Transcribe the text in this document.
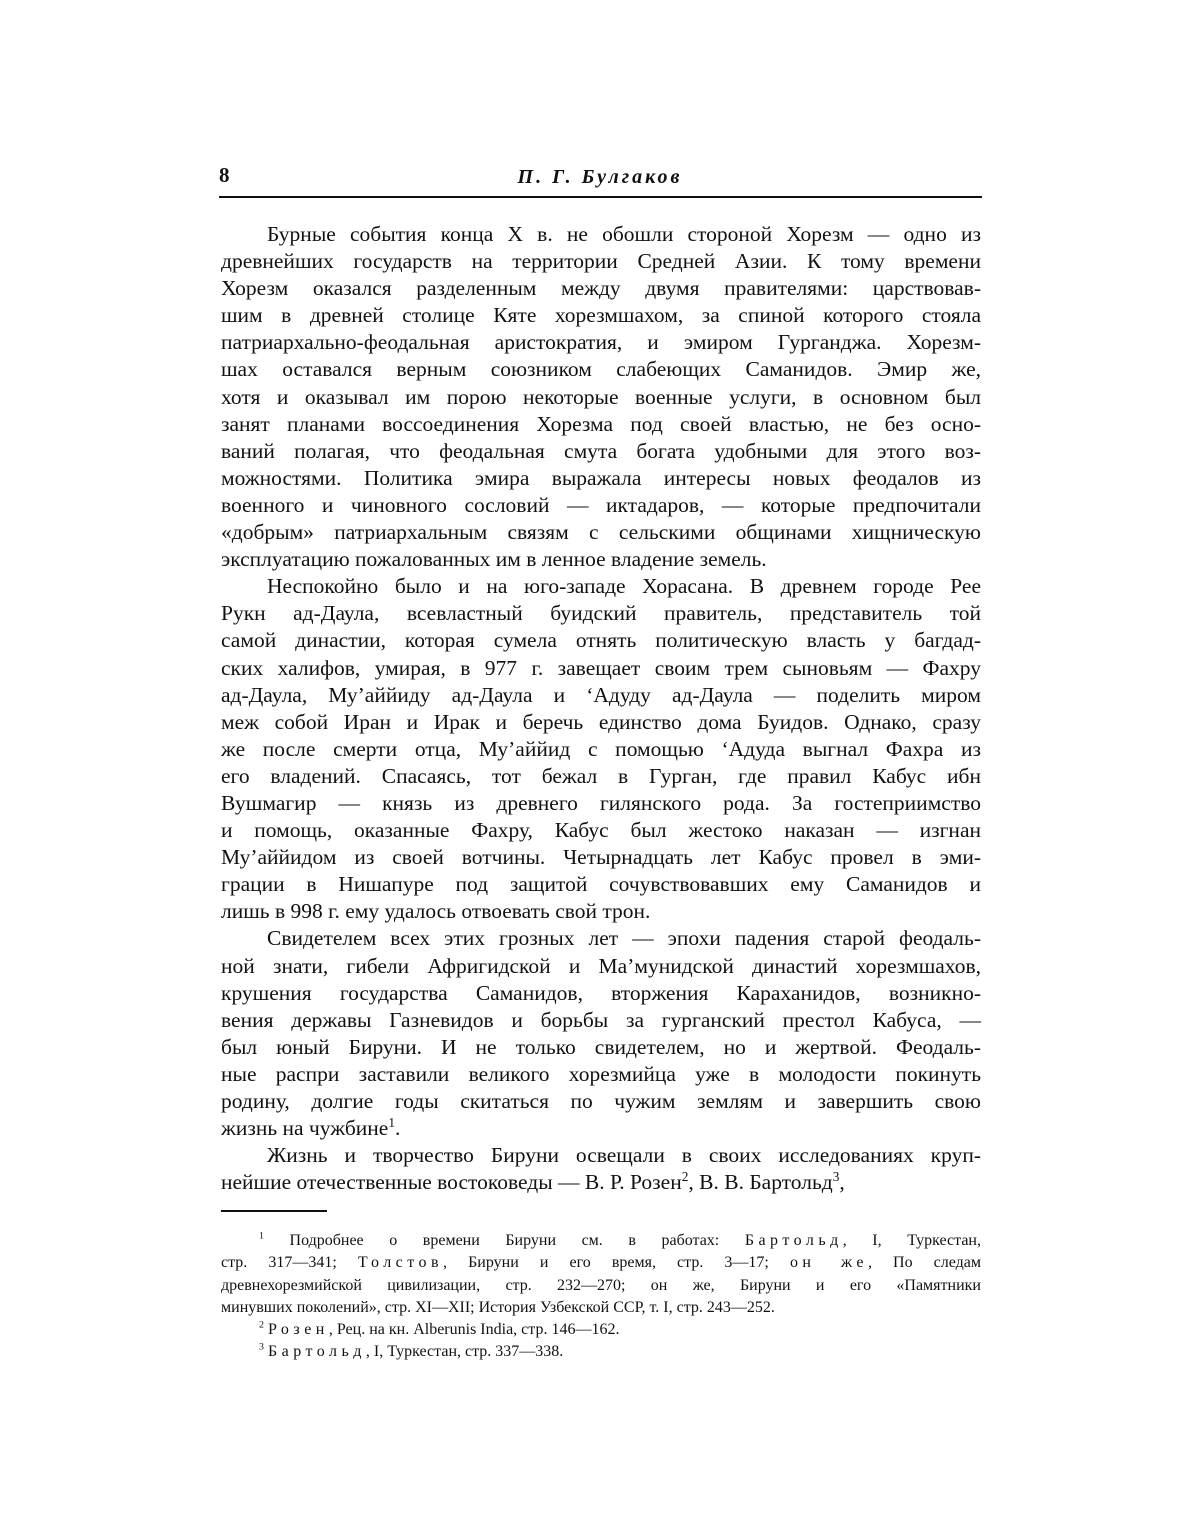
8	П. Г. Булгаков
Бурные события конца X в. не обошли стороной Хорезм — одно из
древнейших государств на территории Средней Азии. К тому времени
Хорезм оказался разделенным между двумя правителями: царствовав-
шим в древней столице Кяте хорезмшахом, за спиной которого стояла
патриархально-феодальная аристократия, и эмиром Гурганджа. Хорезм-
шах оставался верным союзником слабеющих Саманидов. Эмир же,
хотя и оказывал им порою некоторые военные услуги, в основном был
занят планами воссоединения Хорезма под своей властью, не без осно-
ваний полагая, что феодальная смута богата удобными для этого воз-
можностями. Политика эмира выражала интересы новых феодалов из
военного и чиновного сословий — иктадаров, — которые предпочитали
«добрым» патриархальным связям с сельскими общинами хищническую
эксплуатацию пожалованных им в ленное владение земель.
Неспокойно было и на юго-западе Хорасана. В древнем городе Рее
Рукн ад-Даула, всевластный буидский правитель, представитель той
самой династии, которая сумела отнять политическую власть у багдад-
ских халифов, умирая, в 977 г. завещает своим трем сыновьям — Фахру
ад-Даула, Му’аййиду ад-Даула и ‘Адуду ад-Даула — поделить миром
меж собой Иран и Ирак и беречь единство дома Буидов. Однако, сразу
же после смерти отца, Му’аййид с помощью ‘Адуда выгнал Фахра из
его владений. Спасаясь, тот бежал в Гурган, где правил Кабус ибн
Вушмагир — князь из древнего гилянского рода. За гостеприимство
и помощь, оказанные Фахру, Кабус был жестоко наказан — изгнан
Му’аййидом из своей вотчины. Четырнадцать лет Кабус провел в эми-
грации в Нишапуре под защитой сочувствовавших ему Саманидов и
лишь в 998 г. ему удалось отвоевать свой трон.
Свидетелем всех этих грозных лет — эпохи падения старой феодаль-
ной знати, гибели Афригидской и Ма’мунидской династий хорезмшахов,
крушения государства Саманидов, вторжения Караханидов, возникно-
вения державы Газневидов и борьбы за гурганский престол Кабуса, —
был юный Бируни. И не только свидетелем, но и жертвой. Феодаль-
ные распри заставили великого хорезмийца уже в молодости покинуть
родину, долгие годы скитаться по чужим землям и завершить свою
жизнь на чужбине$^1$.
Жизнь и творчество Бируни освещали в своих исследованиях круп-
нейшие отечественные востоковеды — В. Р. Розен$^2$, В. В. Бартольд$^3$,
$^1$ Подробнее о времени Бируни см. в работах: Бартольд, I, Туркестан,
стр. 317—341; Толстов, Бируни и его время, стр. 3—17; он же, По следам
древнехорезмийской цивилизации, стр. 232—270; он же, Бируни и его «Памятники
минувших поколений», стр. XI—XII; История Узбекской ССР, т. I, стр. 243—252.
$^2$ Розен, Рец. на кн. Alberunis India, стр. 146—162.
$^3$ Бартольд, I, Туркестан, стр. 337—338.
